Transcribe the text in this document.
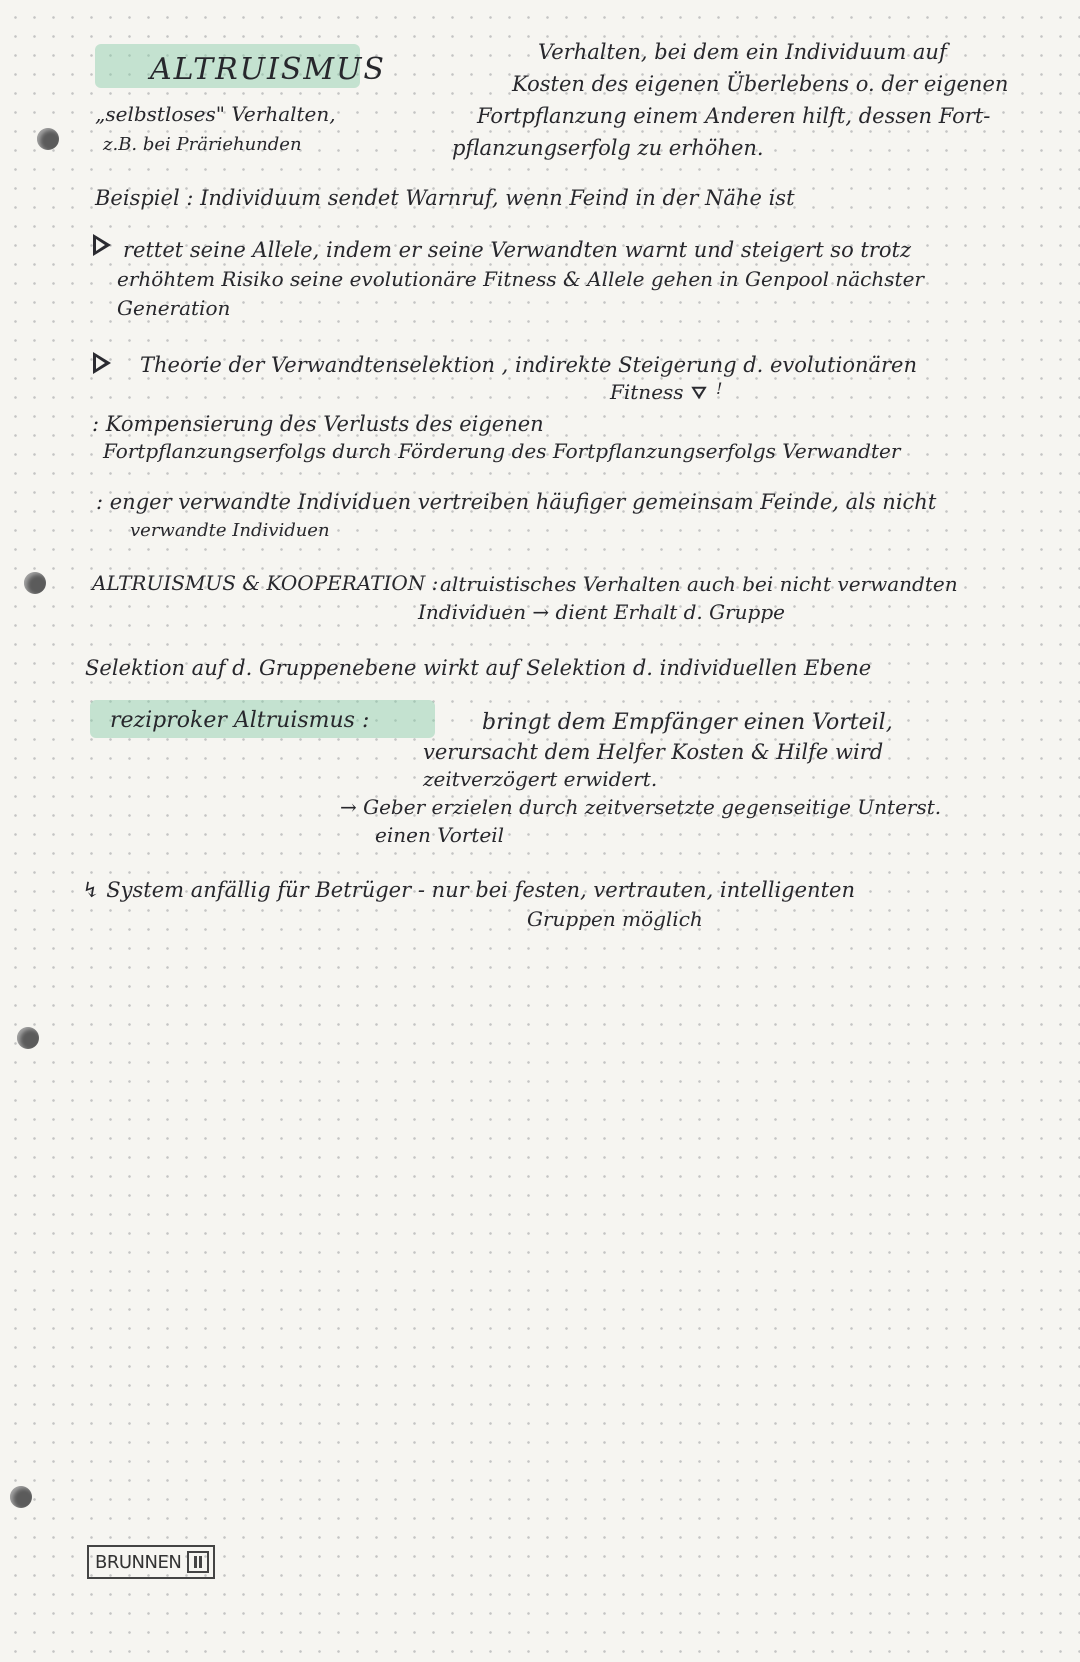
ALTRUISMUS
„selbstloses" Verhalten,
z.B. bei Präriehunden
Verhalten, bei dem ein Individuum auf
Kosten des eigenen Überlebens o. der eigenen
Fortpflanzung einem Anderen hilft, dessen Fort-
pflanzungserfolg zu erhöhen.
Beispiel : Individuum sendet Warnruf, wenn Feind in der Nähe ist
rettet seine Allele, indem er seine Verwandten warnt und steigert so trotz
erhöhtem Risiko seine evolutionäre Fitness & Allele gehen in Genpool nächster
Generation
Theorie der Verwandtenselektion , indirekte Steigerung d. evolutionären
Fitness !
: Kompensierung des Verlusts des eigenen
Fortpflanzungserfolgs durch Förderung des Fortpflanzungserfolgs Verwandter
: enger verwandte Individuen vertreiben häufiger gemeinsam Feinde, als nicht
verwandte Individuen
ALTRUISMUS & KOOPERATION : altruistisches Verhalten auch bei nicht verwandten
Individuen → dient Erhalt d. Gruppe
Selektion auf d. Gruppenebene wirkt auf Selektion d. individuellen Ebene
reziproker Altruismus :	bringt dem Empfänger einen Vorteil,
verursacht dem Helfer Kosten & Hilfe wird
zeitverzögert erwidert.
→ Geber erzielen durch zeitversetzte gegenseitige Unterst.
einen Vorteil
↯ System anfällig für Betrüger - nur bei festen, vertrauten, intelligenten
Gruppen möglich
BRUNNEN
